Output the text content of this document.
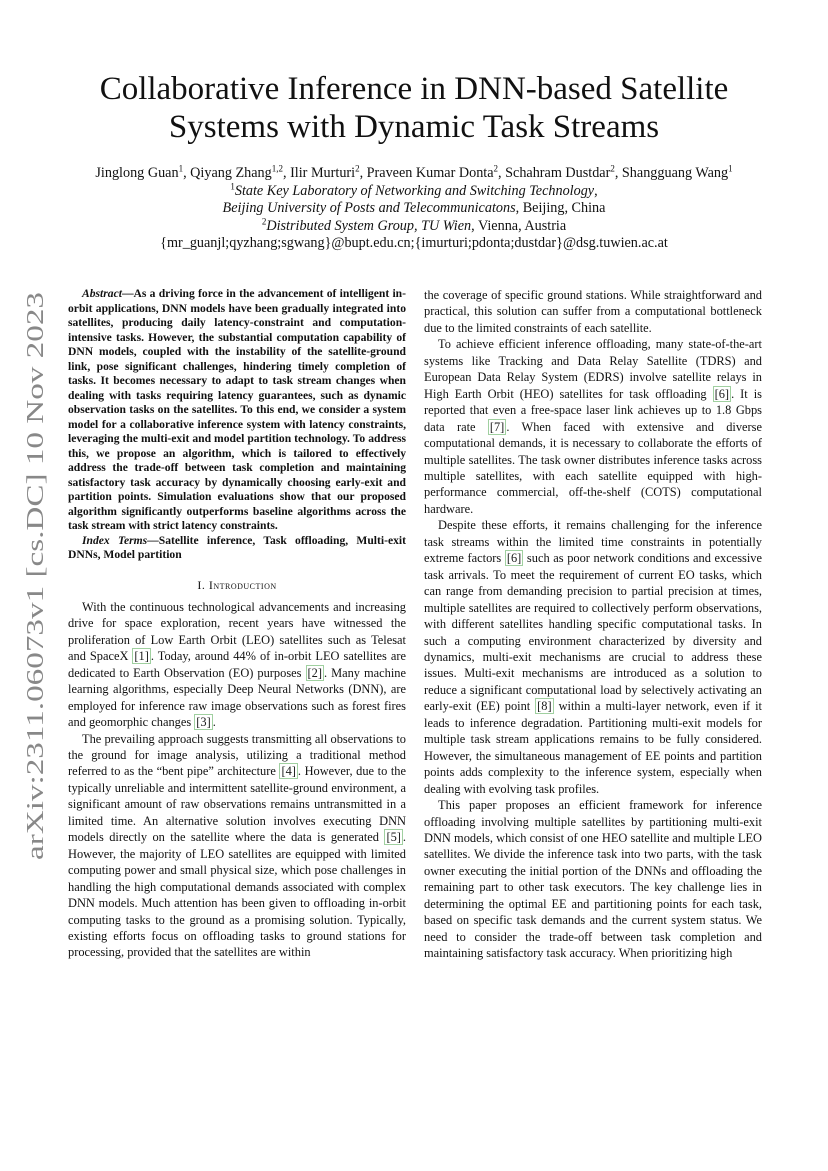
arXiv:2311.06073v1 [cs.DC] 10 Nov 2023
Collaborative Inference in DNN-based Satellite
Systems with Dynamic Task Streams
Jinglong Guan$^1$, Qiyang Zhang$^{1,2}$, Ilir Murturi$^2$, Praveen Kumar Donta$^2$, Schahram Dustdar$^2$, Shangguang Wang$^1$
$^1$State Key Laboratory of Networking and Switching Technology,
Beijing University of Posts and Telecommunicatons, Beijing, China
$^2$Distributed System Group, TU Wien, Vienna, Austria
{mr_guanjl;qyzhang;sgwang}@bupt.edu.cn;{imurturi;pdonta;dustdar}@dsg.tuwien.ac.at

Abstract—As a driving force in the advancement of intelligent in-orbit applications, DNN models have been gradually integrated into satellites, producing daily latency-constraint and computation-intensive tasks. However, the substantial computation capability of DNN models, coupled with the instability of the satellite-ground link, pose significant challenges, hindering timely completion of tasks. It becomes necessary to adapt to task stream changes when dealing with tasks requiring latency guarantees, such as dynamic observation tasks on the satellites. To this end, we consider a system model for a collaborative inference system with latency constraints, leveraging the multi-exit and model partition technology. To address this, we propose an algorithm, which is tailored to effectively address the trade-off between task completion and maintaining satisfactory task accuracy by dynamically choosing early-exit and partition points. Simulation evaluations show that our proposed algorithm significantly outperforms baseline algorithms across the task stream with strict latency constraints.

Index Terms—Satellite inference, Task offloading, Multi-exit DNNs, Model partition

I. Introduction

With the continuous technological advancements and increasing drive for space exploration, recent years have witnessed the proliferation of Low Earth Orbit (LEO) satellites such as Telesat and SpaceX [1] . Today, around 44% of in-orbit LEO satellites are dedicated to Earth Observation (EO) purposes [2] . Many machine learning algorithms, especially Deep Neural Networks (DNN), are employed for inference raw image observations such as forest fires and geomorphic changes [3] .

The prevailing approach suggests transmitting all observations to the ground for image analysis, utilizing a traditional method referred to as the “bent pipe” architecture [4] . However, due to the typically unreliable and intermittent satellite-ground environment, a significant amount of raw observations remains untransmitted in a limited time. An alternative solution involves executing DNN models directly on the satellite where the data is generated [5] . However, the majority of LEO satellites are equipped with limited computing power and small physical size, which pose challenges in handling the high computational demands associated with complex DNN models. Much attention has been given to offloading in-orbit computing tasks to the ground as a promising solution. Typically, existing efforts focus on offloading tasks to ground stations for processing, provided that the satellites are within

the coverage of specific ground stations. While straightforward and practical, this solution can suffer from a computational bottleneck due to the limited constraints of each satellite.

To achieve efficient inference offloading, many state-of-the-art systems like Tracking and Data Relay Satellite (TDRS) and European Data Relay System (EDRS) involve satellite relays in High Earth Orbit (HEO) satellites for task offloading [6] . It is reported that even a free-space laser link achieves up to 1.8 Gbps data rate [7] . When faced with extensive and diverse computational demands, it is necessary to collaborate the efforts of multiple satellites. The task owner distributes inference tasks across multiple satellites, with each satellite equipped with high-performance commercial, off-the-shelf (COTS) computational hardware.

Despite these efforts, it remains challenging for the inference task streams within the limited time constraints in potentially extreme factors [6] such as poor network conditions and excessive task arrivals. To meet the requirement of current EO tasks, which can range from demanding precision to partial precision at times, multiple satellites are required to collectively perform observations, with different satellites handling specific computational tasks. In such a computing environment characterized by diversity and dynamics, multi-exit mechanisms are crucial to address these issues. Multi-exit mechanisms are introduced as a solution to reduce a significant computational load by selectively activating an early-exit (EE) point [8] within a multi-layer network, even if it leads to inference degradation. Partitioning multi-exit models for multiple task stream applications remains to be fully considered. However, the simultaneous management of EE points and partition points adds complexity to the inference system, especially when dealing with evolving task profiles.

This paper proposes an efficient framework for inference offloading involving multiple satellites by partitioning multi-exit DNN models, which consist of one HEO satellite and multiple LEO satellites. We divide the inference task into two parts, with the task owner executing the initial portion of the DNNs and offloading the remaining part to other task executors. The key challenge lies in determining the optimal EE and partitioning points for each task, based on specific task demands and the current system status. We need to consider the trade-off between task completion and maintaining satisfactory task accuracy. When prioritizing high
